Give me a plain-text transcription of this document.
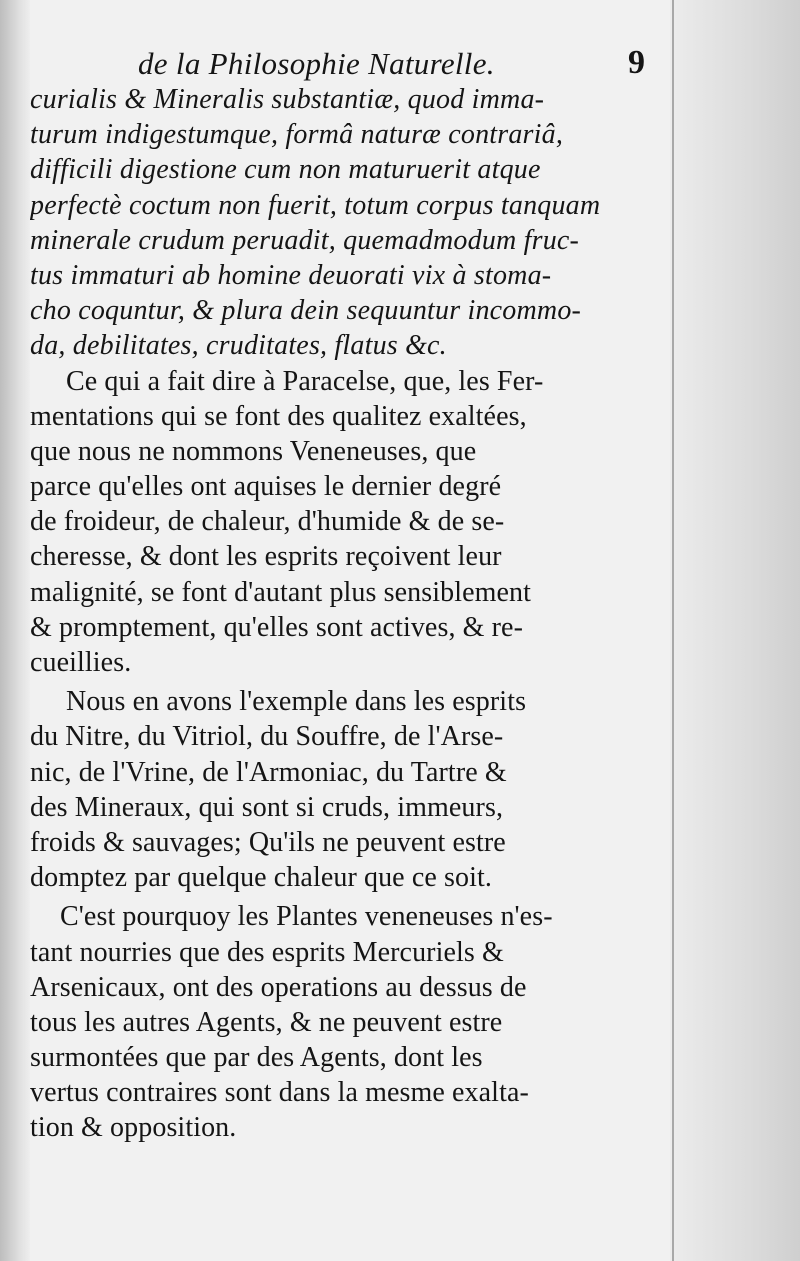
de la Philosophie Naturelle.	9
curialis & Mineralis substantiæ, quod imma-
turum indigestumque, formâ naturæ contrariâ,
difficili digestione cum non maturuerit atque
perfectè coctum non fuerit, totum corpus tanquam
minerale crudum peruadit, quemadmodum fruc-
tus immaturi ab homine deuorati vix à stoma-
cho coquntur, & plura dein sequuntur incommo-
da, debilitates, cruditates, flatus &c.
Ce qui a fait dire à Paracelse, que, les Fer-
mentations qui se font des qualitez exaltées,
que nous ne nommons Veneneuses, que
parce qu'elles ont aquises le dernier degré
de froideur, de chaleur, d'humide & de se-
cheresse, & dont les esprits reçoivent leur
malignité, se font d'autant plus sensiblement
& promptement, qu'elles sont actives, & re-
cueillies.
Nous en avons l'exemple dans les esprits
du Nitre, du Vitriol, du Souffre, de l'Arse-
nic, de l'Vrine, de l'Armoniac, du Tartre &
des Mineraux, qui sont si cruds, immeurs,
froids & sauvages; Qu'ils ne peuvent estre
domptez par quelque chaleur que ce soit.
C'est pourquoy les Plantes veneneuses n'es-
tant nourries que des esprits Mercuriels &
Arsenicaux, ont des operations au dessus de
tous les autres Agents, & ne peuvent estre
surmontées que par des Agents, dont les
vertus contraires sont dans la mesme exalta-
tion & opposition.
